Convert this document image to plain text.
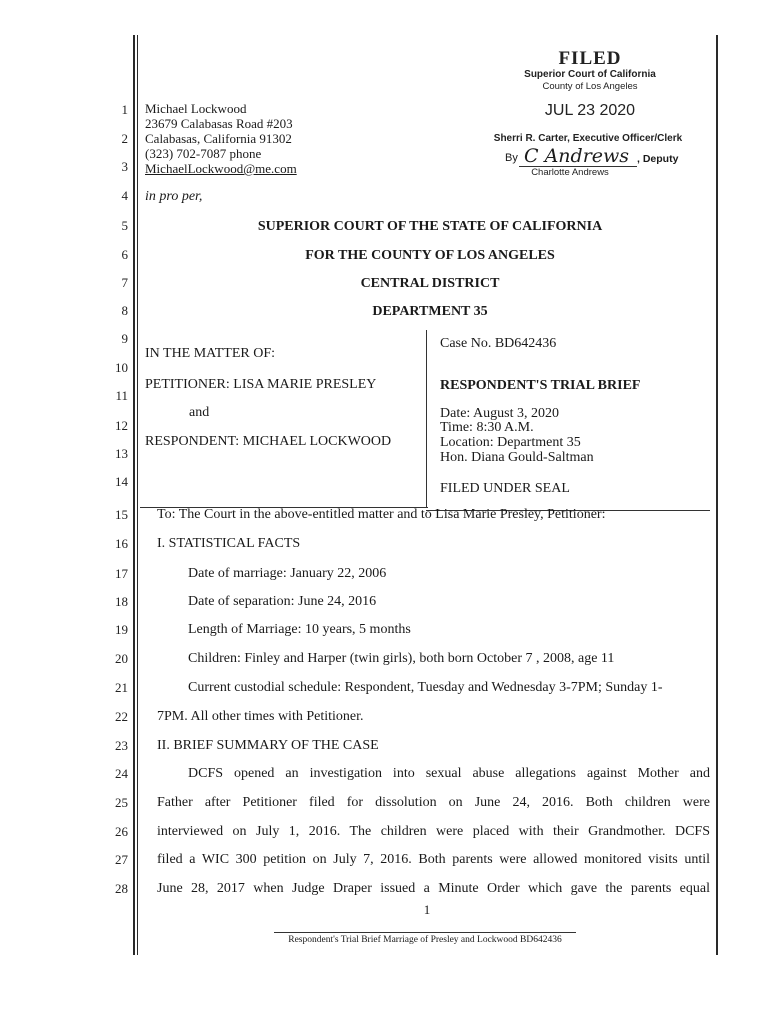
1
2
3
4
5
6
7
8
9
10
11
12
13
14
15
16
17
18
19
20
21
22
23
24
25
26
27
28
FILED
Superior Court of California
County of Los Angeles
JUL 23 2020
Sherri R. Carter, Executive Officer/Clerk
By C Andrews , Deputy
Charlotte Andrews
Michael Lockwood
23679 Calabasas Road #203
Calabasas, California 91302
(323) 702-7087 phone
MichaelLockwood@me.com
in pro per,
SUPERIOR COURT OF THE STATE OF CALIFORNIA
FOR THE COUNTY OF LOS ANGELES
CENTRAL DISTRICT
DEPARTMENT 35
IN THE MATTER OF:
PETITIONER: LISA MARIE PRESLEY
and
RESPONDENT: MICHAEL LOCKWOOD
Case No. BD642436
RESPONDENT'S TRIAL BRIEF
Date: August 3, 2020
Time: 8:30 A.M.
Location: Department 35
Hon. Diana Gould-Saltman
FILED UNDER SEAL
To: The Court in the above-entitled matter and to Lisa Marie Presley, Petitioner:
I. STATISTICAL FACTS
Date of marriage: January 22, 2006
Date of separation: June 24, 2016
Length of Marriage: 10 years, 5 months
Children: Finley and Harper (twin girls), both born October 7 , 2008, age 11
Current custodial schedule: Respondent, Tuesday and Wednesday 3-7PM; Sunday 1-
7PM. All other times with Petitioner.
II. BRIEF SUMMARY OF THE CASE
DCFS opened an investigation into sexual abuse allegations against Mother and
Father after Petitioner filed for dissolution on June 24, 2016. Both children were
interviewed on July 1, 2016. The children were placed with their Grandmother. DCFS
filed a WIC 300 petition on July 7, 2016. Both parents were allowed monitored visits until
June 28, 2017 when Judge Draper issued a Minute Order which gave the parents equal
1
Respondent's Trial Brief Marriage of Presley and Lockwood BD642436
